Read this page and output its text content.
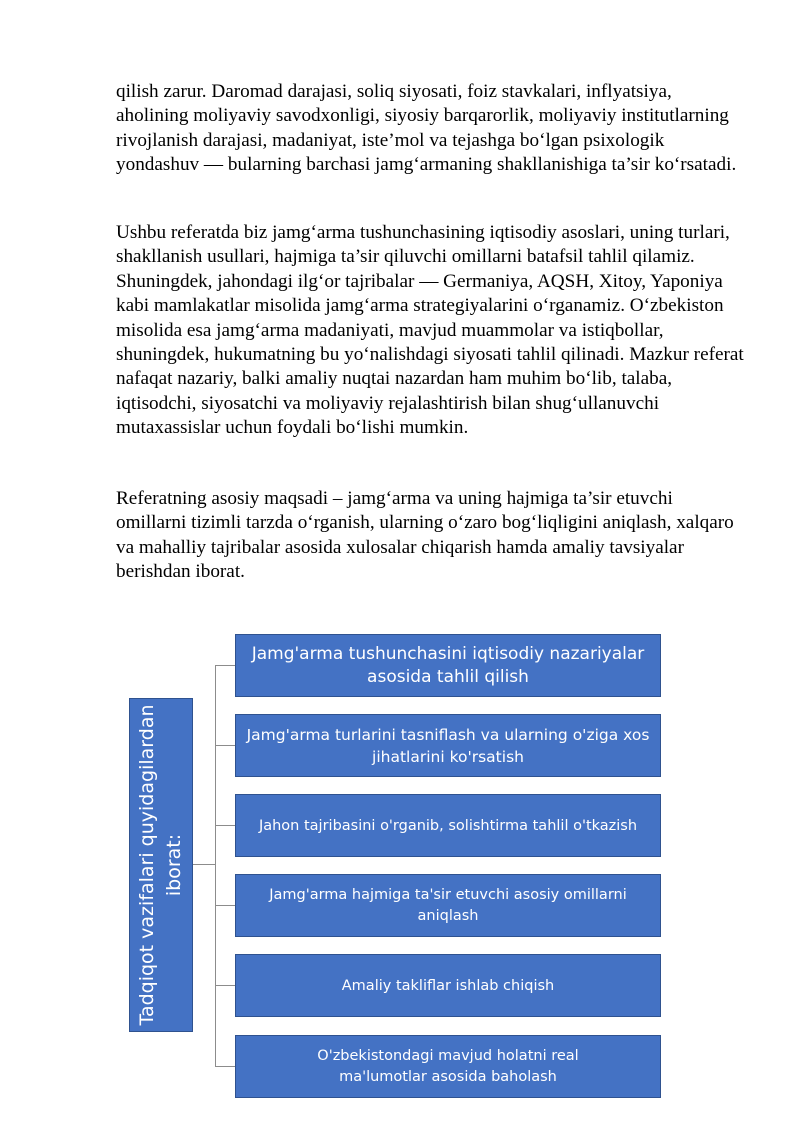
qilish zarur. Daromad darajasi, soliq siyosati, foiz stavkalari, inflyatsiya, aholining moliyaviy savodxonligi, siyosiy barqarorlik, moliyaviy institutlarning rivojlanish darajasi, madaniyat, iste’mol va tejashga bo‘lgan psixologik yondashuv — bularning barchasi jamg‘armaning shakllanishiga ta’sir ko‘rsatadi.

Ushbu referatda biz jamg‘arma tushunchasining iqtisodiy asoslari, uning turlari, shakllanish usullari, hajmiga ta’sir qiluvchi omillarni batafsil tahlil qilamiz. Shuningdek, jahondagi ilg‘or tajribalar — Germaniya, AQSH, Xitoy, Yaponiya kabi mamlakatlar misolida jamg‘arma strategiyalarini o‘rganamiz. O‘zbekiston misolida esa jamg‘arma madaniyati, mavjud muammolar va istiqbollar, shuningdek, hukumatning bu yo‘nalishdagi siyosati tahlil qilinadi. Mazkur referat nafaqat nazariy, balki amaliy nuqtai nazardan ham muhim bo‘lib, talaba, iqtisodchi, siyosatchi va moliyaviy rejalashtirish bilan shug‘ullanuvchi mutaxassislar uchun foydali bo‘lishi mumkin.

Referatning asosiy maqsadi – jamg‘arma va uning hajmiga ta’sir etuvchi omillarni tizimli tarzda o‘rganish, ularning o‘zaro bog‘liqligini aniqlash, xalqaro va mahalliy tajribalar asosida xulosalar chiqarish hamda amaliy tavsiyalar berishdan iborat.

Tadqiqot vazifalari quyidagilardan iborat:
Jamg'arma tushunchasini iqtisodiy nazariyalar asosida tahlil qilish
Jamg'arma turlarini tasniflash va ularning o'ziga xos jihatlarini ko'rsatish
Jahon tajribasini o'rganib, solishtirma tahlil o'tkazish
Jamg'arma hajmiga ta'sir etuvchi asosiy omillarni aniqlash
Amaliy takliflar ishlab chiqish
O'zbekistondagi mavjud holatni real ma'lumotlar asosida baholash
